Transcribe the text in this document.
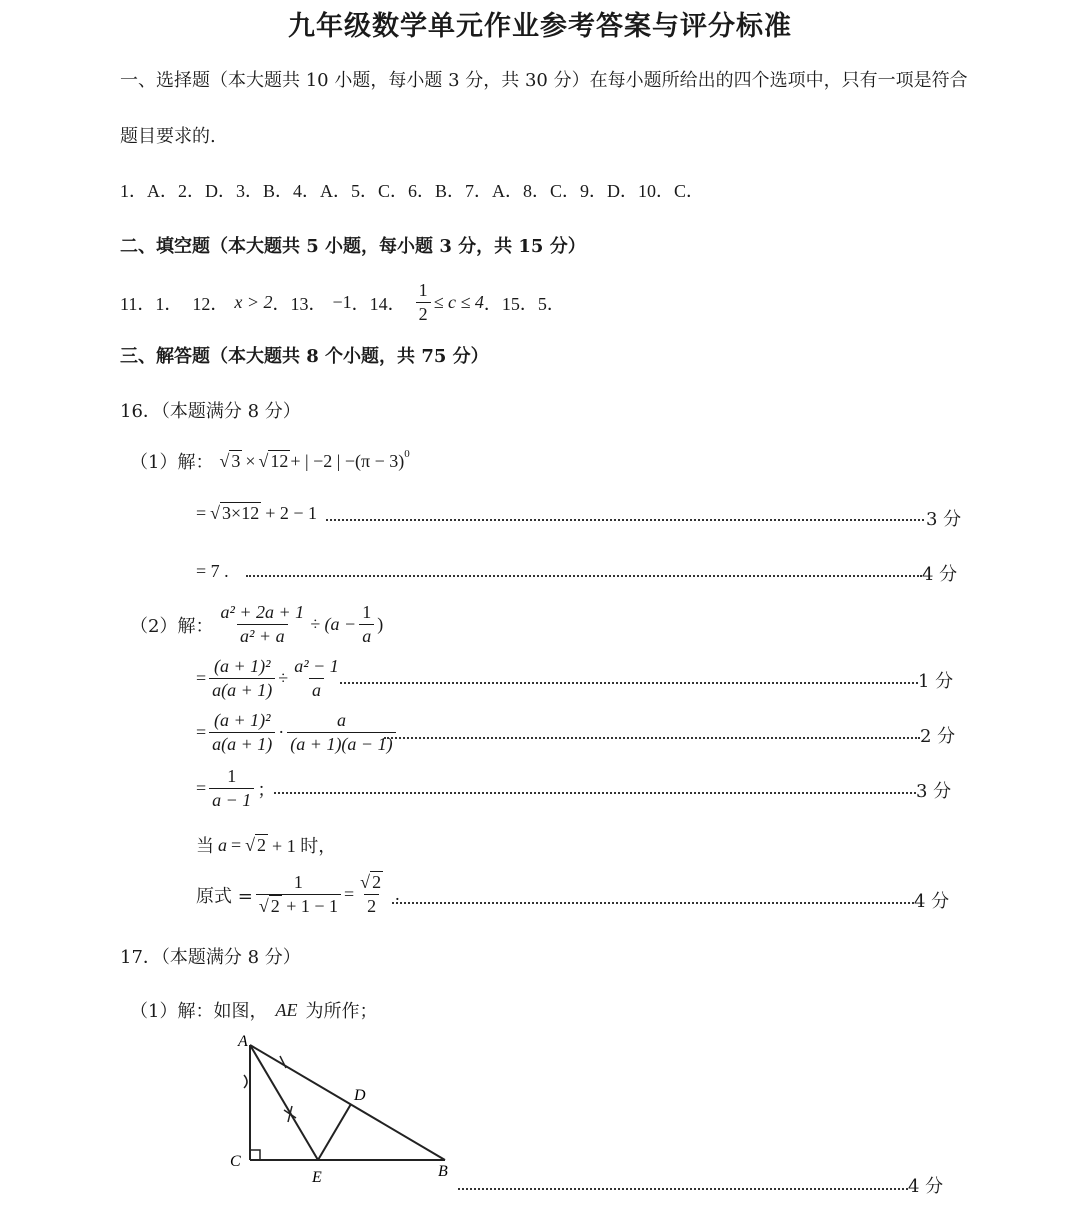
九年级数学单元作业参考答案与评分标准
一、选择题（本大题共 10 小题，每小题 3 分，共 30 分）在每小题所给出的四个选项中，只有一项是符合
题目要求的.
1．A．2．D．3．B．4．A．5．C．6．B．7．A．8．C．9．D．10．C．
二、填空题（本大题共 5 小题，每小题 3 分，共 15 分）
11．1． 12． x > 2 ．13． −1 ．14． $\frac{1}{2} \le c \le 4$ ．15．5．
三、解答题（本大题共 8 个小题，共 75 分）
16．（本题满分 8 分）
（1）解： √ 3 × √ 12 + | −2 | $-(\pi - 3)^0$
= √ 3×12 + 2 − 1	3 分
= 7 .	4 分
（2）解： $\frac{\text{a² + 2a + 1}}{\text{a² + a}} \div (a - \frac{1}{a}$ )
= $\frac{\text{(a + 1)²}}{a(a + 1)} \div \frac{\text{a² − 1}}{a}$	1 分
= $\frac{\text{(a + 1)²}}{a(a + 1)} \cdot \frac{a}{(a + 1)(a - 1)}$	2 分
= $\frac{1}{a - 1}$ ；	3 分
当 a = √ 2 + 1 时，
原式 = $\frac{1}{√ 2 + 1 - 1} = \frac{√ 2}{2}$ .	4 分
17．（本题满分 8 分）
（1）解：如图， AE 为所作；
A
C
E	B
D
4 分
